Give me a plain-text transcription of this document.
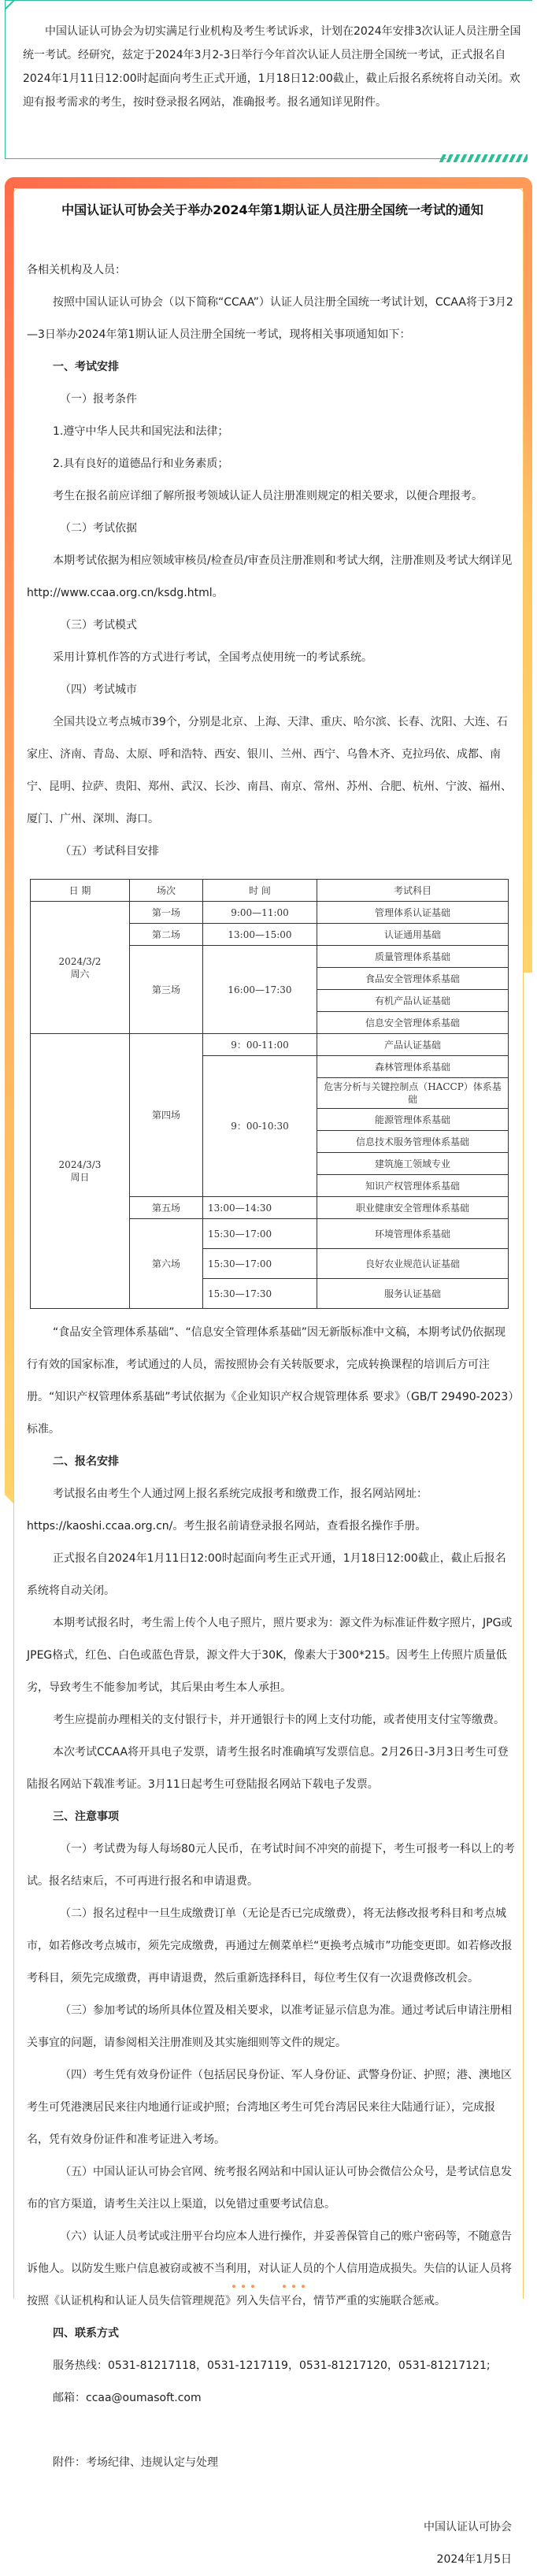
中国认证认可协会为切实满足行业机构及考生考试诉求，计划在2024年安排3次认证人员注册全国统一考试。经研究，兹定于2024年3月2-3日举行今年首次认证人员注册全国统一考试，正式报名自2024年1月11日12:00时起面向考生正式开通，1月18日12:00截止，截止后报名系统将自动关闭。欢迎有报考需求的考生，按时登录报名网站，准确报考。报名通知详见附件。

中国认证认可协会关于举办2024年第1期认证人员注册全国统一考试的通知

各相关机构及人员：

按照中国认证认可协会（以下简称“CCAA”）认证人员注册全国统一考试计划，CCAA将于3月2—3日举办2024年第1期认证人员注册全国统一考试，现将相关事项通知如下：

一、考试安排

（一）报考条件

1.遵守中华人民共和国宪法和法律；

2.具有良好的道德品行和业务素质；

考生在报名前应详细了解所报考领域认证人员注册准则规定的相关要求，以便合理报考。

（二）考试依据

本期考试依据为相应领域审核员/检查员/审查员注册准则和考试大纲，注册准则及考试大纲详见http://www.ccaa.org.cn/ksdg.html。

（三）考试模式

采用计算机作答的方式进行考试，全国考点使用统一的考试系统。

（四）考试城市

全国共设立考点城市39个，分别是北京、上海、天津、重庆、哈尔滨、长春、沈阳、大连、石家庄、济南、青岛、太原、呼和浩特、西安、银川、兰州、西宁、乌鲁木齐、克拉玛依、成都、南宁、昆明、拉萨、贵阳、郑州、武汉、长沙、南昌、南京、常州、苏州、合肥、杭州、宁波、福州、厦门、广州、深圳、海口。

（五）考试科目安排

日 期	场次	时 间	考试科目

2024/3/2
周六	第一场	9:00—11:00	管理体系认证基础
	第二场	13:00—15:00	认证通用基础
	第三场	16:00—17:30	质量管理体系基础
			食品安全管理体系基础
			有机产品认证基础
			信息安全管理体系基础

2024/3/3
周日	第四场	9：00-11:00	产品认证基础
		9：00-10:30	森林管理体系基础
			危害分析与关键控制点（HACCP）体系基础
			能源管理体系基础
			信息技术服务管理体系基础
			建筑施工领域专业
			知识产权管理体系基础
	第五场	13:00—14:30	职业健康安全管理体系基础
	第六场	15:30—17:00	环境管理体系基础
		15:30—17:00	良好农业规范认证基础
		15:30—17:30	服务认证基础

“食品安全管理体系基础”、“信息安全管理体系基础”因无新版标准中文稿，本期考试仍依据现行有效的国家标准，考试通过的人员，需按照协会有关转版要求，完成转换课程的培训后方可注册。“知识产权管理体系基础”考试依据为《企业知识产权合规管理体系 要求》（GB/T 29490-2023）标准。

二、报名安排

考试报名由考生个人通过网上报名系统完成报考和缴费工作，报名网站网址：https://kaoshi.ccaa.org.cn/。考生报名前请登录报名网站，查看报名操作手册。

正式报名自2024年1月11日12:00时起面向考生正式开通，1月18日12:00截止，截止后报名系统将自动关闭。

本期考试报名时，考生需上传个人电子照片，照片要求为：源文件为标准证件数字照片，JPG或JPEG格式，红色、白色或蓝色背景，源文件大于30K，像素大于300*215。因考生上传照片质量低劣，导致考生不能参加考试，其后果由考生本人承担。

考生应提前办理相关的支付银行卡，并开通银行卡的网上支付功能，或者使用支付宝等缴费。

本次考试CCAA将开具电子发票，请考生报名时准确填写发票信息。2月26日-3月3日考生可登陆报名网站下载准考证。3月11日起考生可登陆报名网站下载电子发票。

三、注意事项

（一）考试费为每人每场80元人民币，在考试时间不冲突的前提下，考生可报考一科以上的考试。报名结束后，不可再进行报名和申请退费。

（二）报名过程中一旦生成缴费订单（无论是否已完成缴费），将无法修改报考科目和考点城市，如若修改考点城市，须先完成缴费，再通过左侧菜单栏“更换考点城市”功能变更即。如若修改报考科目，须先完成缴费，再申请退费，然后重新选择科目，每位考生仅有一次退费修改机会。

（三）参加考试的场所具体位置及相关要求，以准考证显示信息为准。通过考试后申请注册相关事宜的问题，请参阅相关注册准则及其实施细则等文件的规定。

（四）考生凭有效身份证件（包括居民身份证、军人身份证、武警身份证、护照；港、澳地区考生可凭港澳居民来往内地通行证或护照；台湾地区考生可凭台湾居民来往大陆通行证），完成报名，凭有效身份证件和准考证进入考场。

（五）中国认证认可协会官网、统考报名网站和中国认证认可协会微信公众号，是考试信息发布的官方渠道，请考生关注以上渠道，以免错过重要考试信息。

（六）认证人员考试或注册平台均应本人进行操作，并妥善保管自己的账户密码等，不随意告诉他人。以防发生账户信息被窃或被不当利用，对认证人员的个人信用造成损失。失信的认证人员将按照《认证机构和认证人员失信管理规范》列入失信平台，情节严重的实施联合惩戒。

四、联系方式

服务热线：0531-81217118，0531-1217119，0531-81217120，0531-81217121;

邮箱：ccaa@oumasoft.com

附件：考场纪律、违规认定与处理

中国认证认可协会

2024年1月5日
